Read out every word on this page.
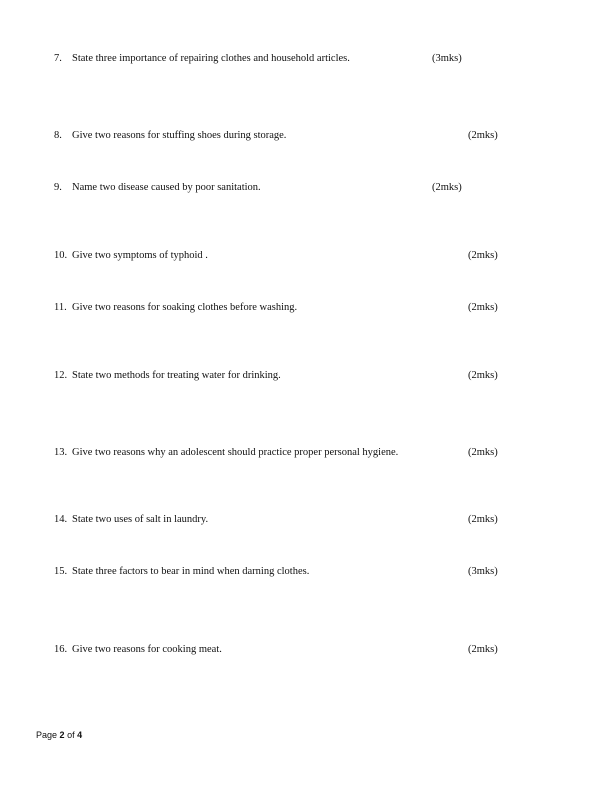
7. State three importance of repairing clothes and household articles.	(3mks)
8. Give two reasons for stuffing shoes during storage.	(2mks)
9. Name two disease caused by poor sanitation.	(2mks)
10. Give two symptoms of typhoid .	(2mks)
11. Give two reasons for soaking clothes before washing.	(2mks)
12. State two methods for treating water for drinking.	(2mks)
13. Give two reasons why an adolescent should practice proper personal hygiene.	(2mks)
14. State two uses of salt in laundry.	(2mks)
15. State three factors to bear in mind when darning clothes.	(3mks)
16. Give two reasons for cooking meat.	(2mks)
Page 2 of 4
